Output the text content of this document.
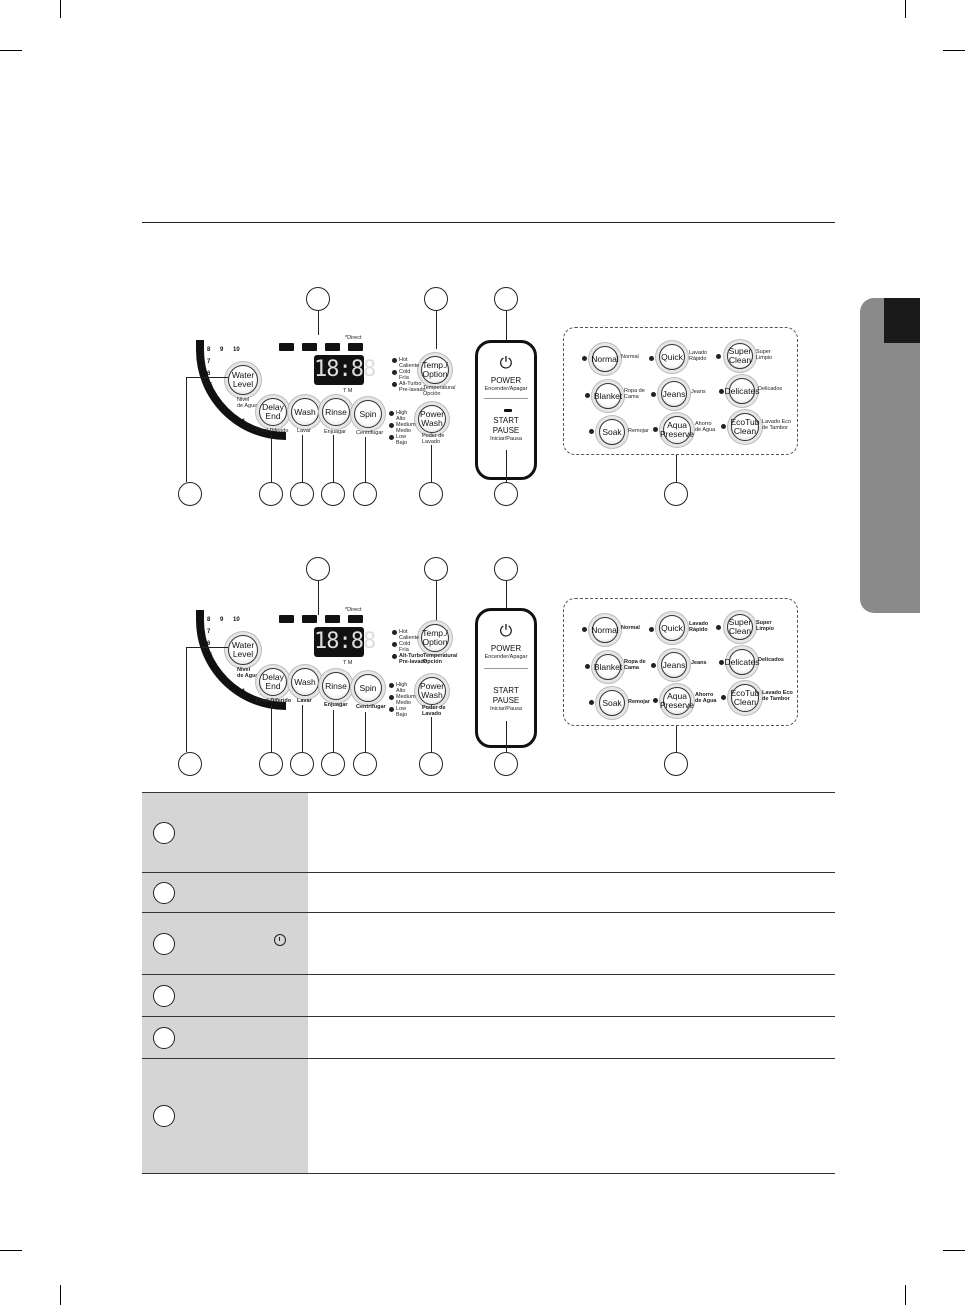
8 9 10
7
6
5
4
3
2
1
Water
Level
Nivel
de Agua
*Direct
18:88
T M
Delay
End
Final Diferido
Wash
Lavar
Rinse
Enjuagar
Spin
Centrifugar
Temp./
Option
Temperatura/
Opción
Hot
Caliente
Cold
Fría
Alt-Turbo
Pre-lavado
Power
Wash
Poder de
Lavado
High
Alto
Medium
Medio
Low
Bajo
⏻
POWER
Encender/Apagar
START
PAUSE
Iniciar/Pausa
Normal Normal	Quick Lavado
Rápido
Super
Clean
Super
Limpio
Blanket Ropa de
Cama	Jeans Jeans Delicates
Delicados
Soak Remojar
Aqua
Preserve
Ahorro
de Agua
EcoTub
Clean
Lavado Eco
de Tambor
8 9 10
7
6
5
4
3
2
1
Water
Level
Nivel
de Agua
*Direct
18:88
T M
Delay
End
Final Diferido
Wash
Lavar
Rinse
Enjuagar
Spin
Centrifugar
Temp./
Option
Temperatura/
Opción
Hot
Caliente
Cold
Fría
Alt-Turbo
Pre-lavado
Power
Wash
Poder de
Lavado
High
Alto
Medium
Medio
Low
Bajo
⏻
POWER
Encender/Apagar
START
PAUSE
Iniciar/Pausa
Normal Normal Quick Lavado
Rápido
Super
Clean
Super
Limpio
Blanket Ropa de
Cama	Jeans Jeans Delicates
Delicados
Soak Remojar
Aqua
Preserve
Ahorro
de Agua
EcoTub
Clean
Lavado Eco
de Tambor
